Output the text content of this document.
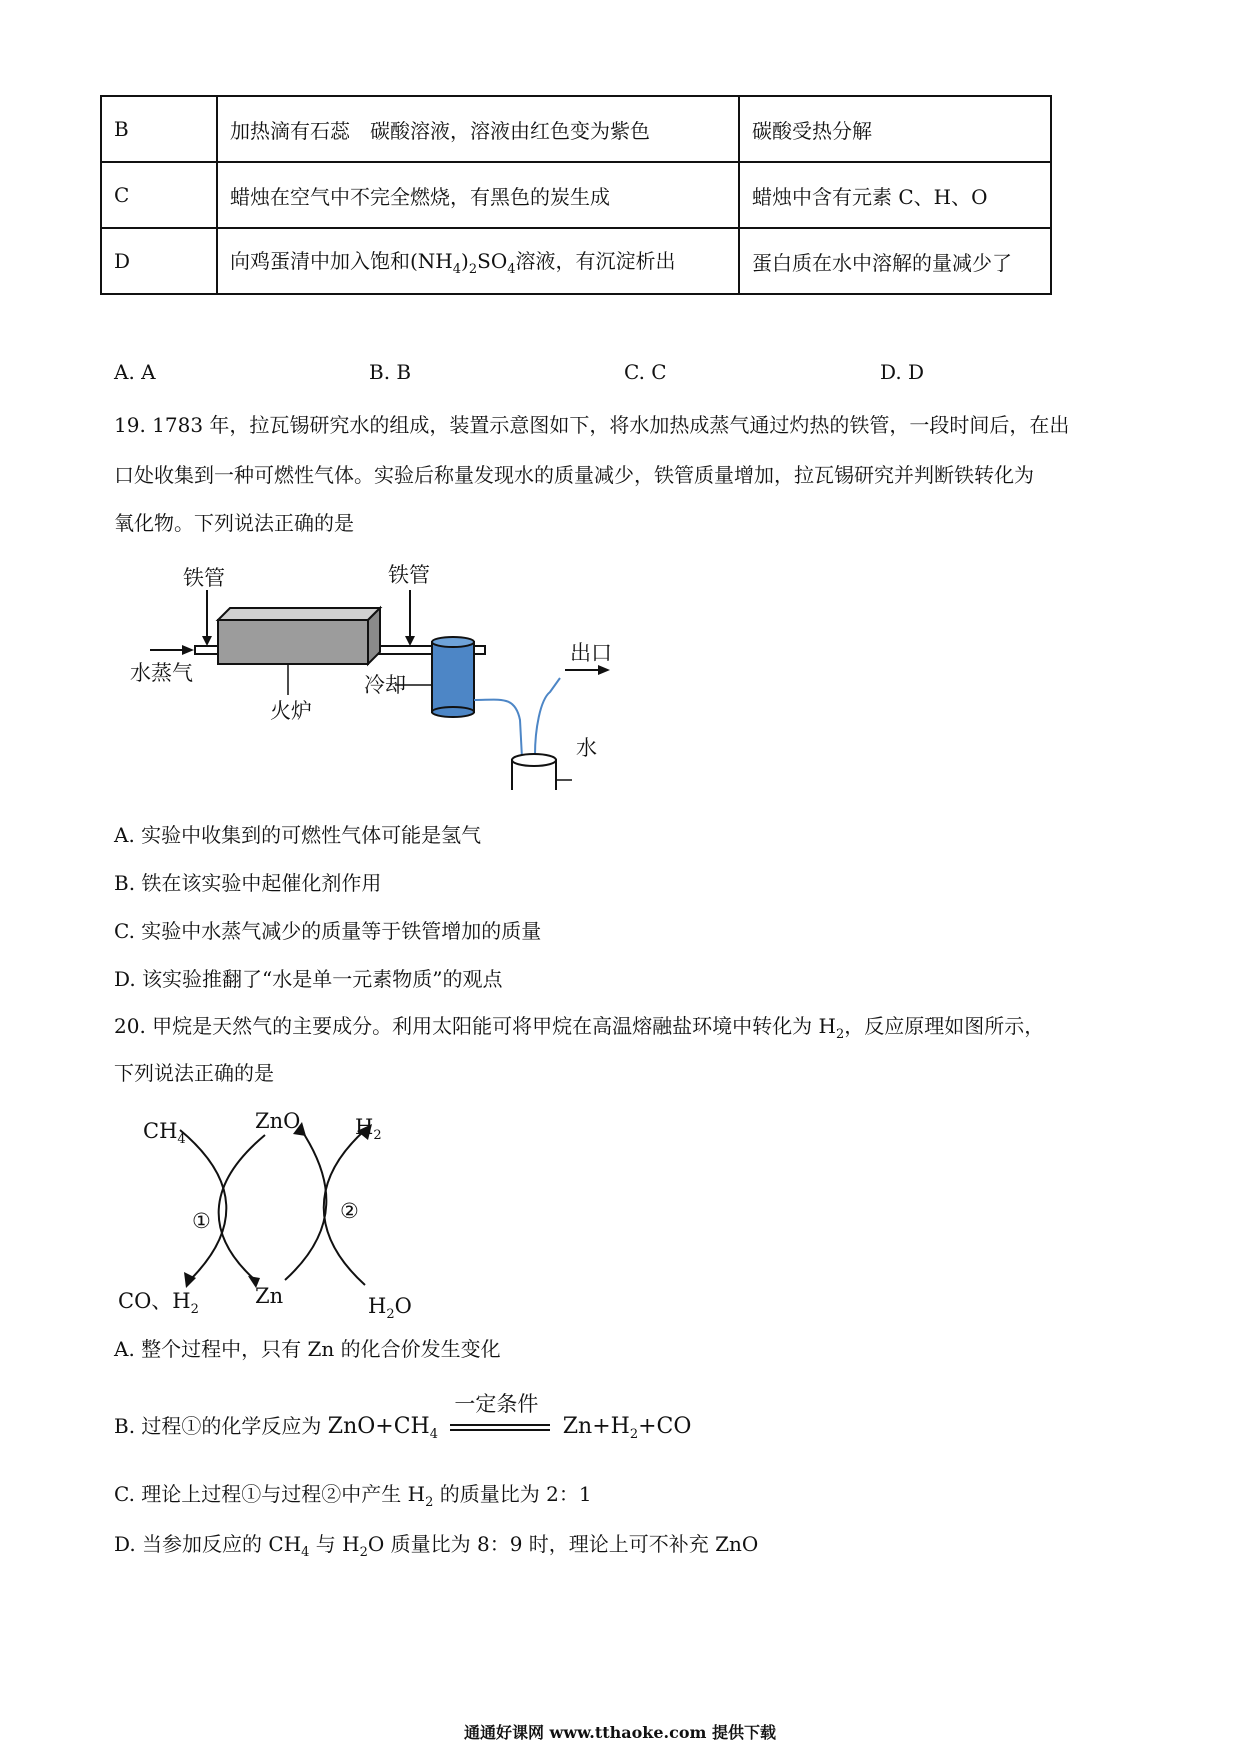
B	加热滴有石蕊　碳酸溶液，溶液由红色变为紫色	碳酸受热分解
C	蜡烛在空气中不完全燃烧，有黑色的炭生成	蜡烛中含有元素 C、H、O
D	向鸡蛋清中加入饱和$(NH_4)_2SO_4$溶液，有沉淀析出	蛋白质在水中溶解的量减少了
A. A	B. B	C. C	D. D
19. 1783 年，拉瓦锡研究水的组成，装置示意图如下，将水加热成蒸气通过灼热的铁管，一段时间后，在出
口处收集到一种可燃性气体。实验后称量发现水的质量减少，铁管质量增加，拉瓦锡研究并判断铁转化为
氧化物。下列说法正确的是
铁管	铁管
水蒸气
火炉
冷却
出口
水
A. 实验中收集到的可燃性气体可能是氢气
B. 铁在该实验中起催化剂作用
C. 实验中水蒸气减少的质量等于铁管增加的质量
D. 该实验推翻了“水是单一元素物质”的观点
20. 甲烷是天然气的主要成分。利用太阳能可将甲烷在高温熔融盐环境中转化为 $H_2$，反应原理如图所示，
下列说法正确的是
$CH_4$
ZnO	$H_2$
CO、$H_2$
Zn	$H_2O$
①	②
A. 整个过程中，只有 Zn 的化合价发生变化
B. 过程①的化学反应为 $ZnO+CH_4$
一定条件
$Zn+H_2+CO$
C. 理论上过程①与过程②中产生 $H_2$ 的质量比为 2：1
D. 当参加反应的 $CH_4$ 与 $H_2O$ 质量比为 8：9 时，理论上可不补充 ZnO
通通好课网 www.tthaoke.com 提供下载
